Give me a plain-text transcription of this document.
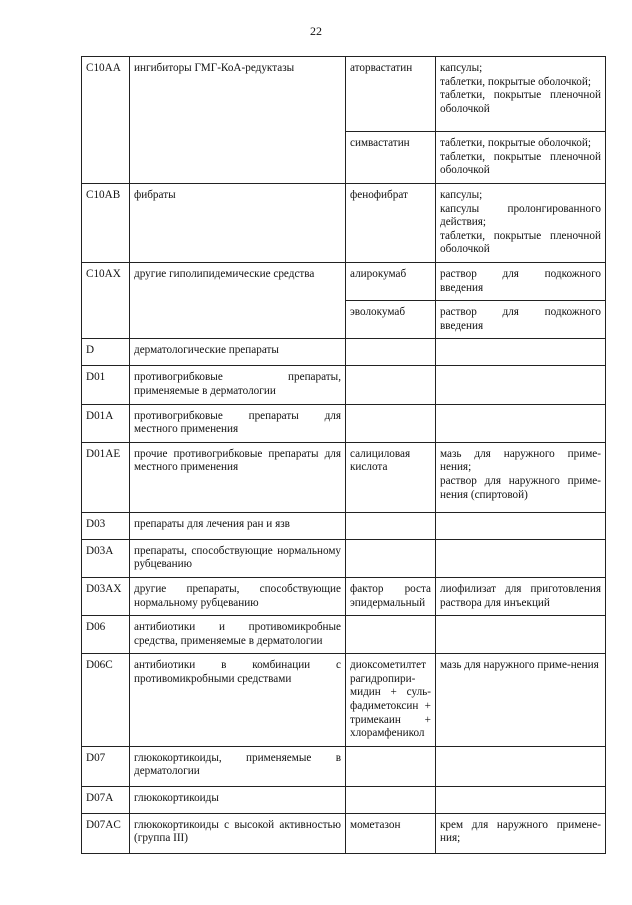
22
C10AA	ингибиторы ГМГ-КоА-редуктазы	аторвастатин	капсулы;
таблетки, покрытые оболочкой;
таблетки, покрытые пленочной оболочкой
		симвастатин	таблетки, покрытые оболочкой;
таблетки, покрытые пленочной оболочкой
C10AB	фибраты	фенофибрат	капсулы;
капсулы пролонгированного действия;
таблетки, покрытые пленочной оболочкой
C10AX	другие гиполипидемические средства	алирокумаб	раствор для подкожного введения
		эволокумаб	раствор для подкожного введения
D	дерматологические препараты		
D01	противогрибковые препараты, применяемые в дерматологии		
D01A	противогрибковые препараты для местного применения		
D01AE	прочие противогрибковые препараты для местного применения	салициловая кислота	мазь для наружного приме-нения;
раствор для наружного приме-нения (спиртовой)
D03	препараты для лечения ран и язв		
D03A	препараты, способствующие нормальному рубцеванию		
D03AX	другие препараты, способствующие нормальному рубцеванию	фактор роста эпидермальный	лиофилизат для приготовления раствора для инъекций
D06	антибиотики и противомикробные средства, применяемые в дерматологии		
D06C	антибиотики в комбинации с противомикробными средствами	диоксометилтет рагидропири-мидин + суль-фадиметоксин + тримекаин + хлорамфеникол	мазь для наружного приме-нения
D07	глюкокортикоиды, применяемые в дерматологии		
D07A	глюкокортикоиды		
D07AC	глюкокортикоиды с высокой активностью (группа III)	мометазон	крем для наружного примене-ния;
